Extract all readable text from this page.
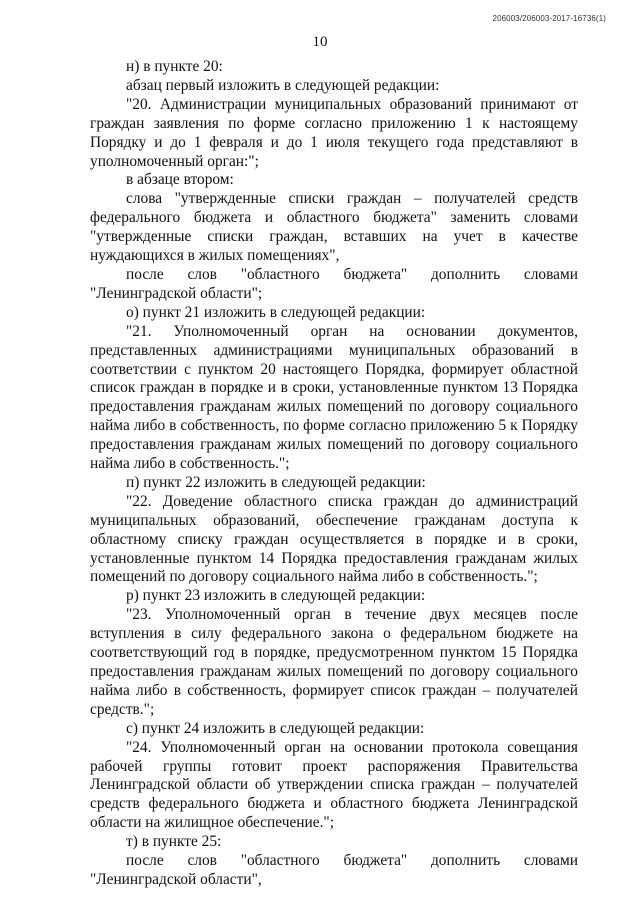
206003/206003-2017-16736(1)
10
н) в пункте 20:
абзац первый изложить в следующей редакции:
"20. Администрации муниципальных образований принимают от граждан заявления по форме согласно приложению 1 к настоящему Порядку и до 1 февраля и до 1 июля текущего года представляют в уполномоченный орган:";
в абзаце втором:
слова "утвержденные списки граждан – получателей средств федерального бюджета и областного бюджета" заменить словами "утвержденные списки граждан, вставших на учет в качестве нуждающихся в жилых помещениях",
после слов "областного бюджета" дополнить словами "Ленинградской области";
о) пункт 21 изложить в следующей редакции:
"21. Уполномоченный орган на основании документов, представленных администрациями муниципальных образований в соответствии с пунктом 20 настоящего Порядка, формирует областной список граждан в порядке и в сроки, установленные пунктом 13 Порядка предоставления гражданам жилых помещений по договору социального найма либо в собственность, по форме согласно приложению 5 к Порядку предоставления гражданам жилых помещений по договору социального найма либо в собственность.";
п) пункт 22 изложить в следующей редакции:
"22. Доведение областного списка граждан до администраций муниципальных образований, обеспечение гражданам доступа к областному списку граждан осуществляется в порядке и в сроки, установленные пунктом 14 Порядка предоставления гражданам жилых помещений по договору социального найма либо в собственность.";
р) пункт 23 изложить в следующей редакции:
"23. Уполномоченный орган в течение двух месяцев после вступления в силу федерального закона о федеральном бюджете на соответствующий год в порядке, предусмотренном пунктом 15 Порядка предоставления гражданам жилых помещений по договору социального найма либо в собственность, формирует список граждан – получателей средств.";
с) пункт 24 изложить в следующей редакции:
"24. Уполномоченный орган на основании протокола совещания рабочей группы готовит проект распоряжения Правительства Ленинградской области об утверждении списка граждан – получателей средств федерального бюджета и областного бюджета Ленинградской области на жилищное обеспечение.";
т) в пункте 25:
после слов "областного бюджета" дополнить словами "Ленинградской области",
